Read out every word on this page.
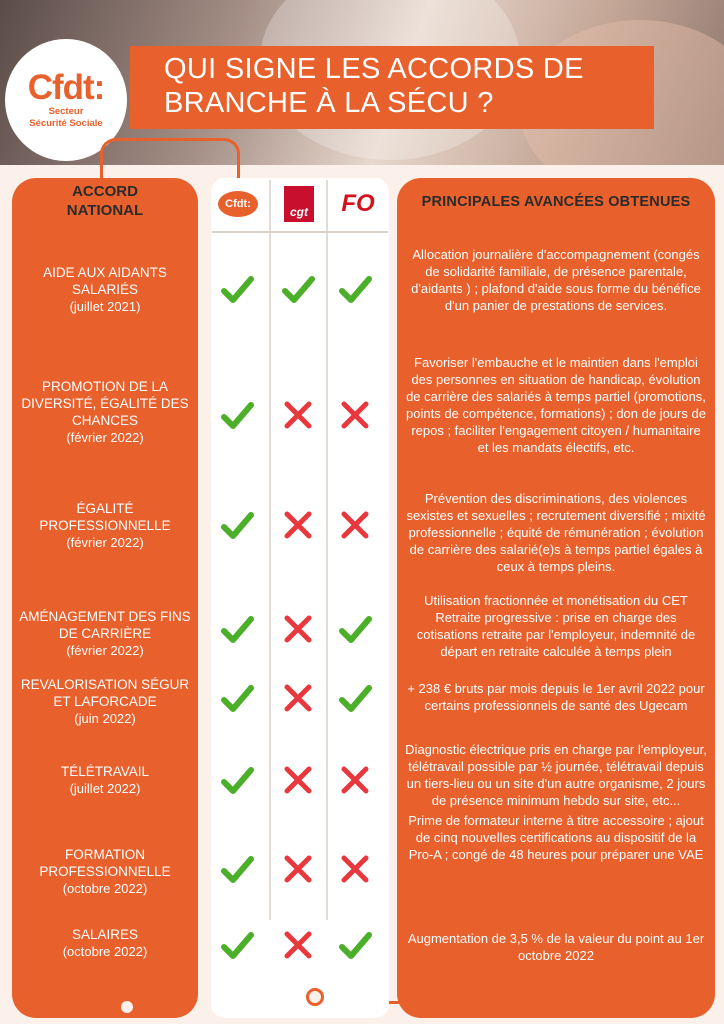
Cfdt:
Secteur
Sécurité Sociale
QUI SIGNE LES ACCORDS DE
BRANCHE À LA SÉCU ?
ACCORD
NATIONAL	PRINCIPALES AVANCÉES OBTENUES
Cfdt:
cgt FO
AIDE AUX AIDANTS SALARIÉS
(juillet 2021)
Allocation journalière d'accompagnement (congés de solidarité familiale, de présence parentale, d'aidants ) ; plafond d'aide sous forme du bénéfice d'un panier de prestations de services.
PROMOTION DE LA DIVERSITÉ, ÉGALITÉ DES CHANCES
(février 2022)
Favoriser l'embauche et le maintien dans l'emploi des personnes en situation de handicap, évolution de carrière des salariés à temps partiel (promotions, points de compétence, formations) ; don de jours de repos ; faciliter l'engagement citoyen / humanitaire et les mandats électifs, etc.
ÉGALITÉ PROFESSIONNELLE
(février 2022)
Prévention des discriminations, des violences sexistes et sexuelles ; recrutement diversifié ; mixité professionnelle ; équité de rémunération ; évolution de carrière des salarié(e)s à temps partiel égales à ceux à temps pleins.
AMÉNAGEMENT DES FINS DE CARRIÈRE
(février 2022)
Utilisation fractionnée et monétisation du CET Retraite progressive : prise en charge des cotisations retraite par l'employeur, indemnité de départ en retraite calculée à temps plein
REVALORISATION SÉGUR ET LAFORCADE
(juin 2022)
+ 238 € bruts par mois depuis le 1er avril 2022 pour certains professionnels de santé des Ugecam
TÉLÉTRAVAIL
(juillet 2022)
Diagnostic électrique pris en charge par l'employeur, télétravail possible par ½ journée, télétravail depuis un tiers-lieu ou un site d'un autre organisme, 2 jours de présence minimum hebdo sur site, etc...
FORMATION PROFESSIONNELLE
(octobre 2022)
Prime de formateur interne à titre accessoire ; ajout de cinq nouvelles certifications au dispositif de la Pro-A ; congé de 48 heures pour préparer une VAE
SALAIRES
(octobre 2022)
Augmentation de 3,5 % de la valeur du point au 1er octobre 2022
